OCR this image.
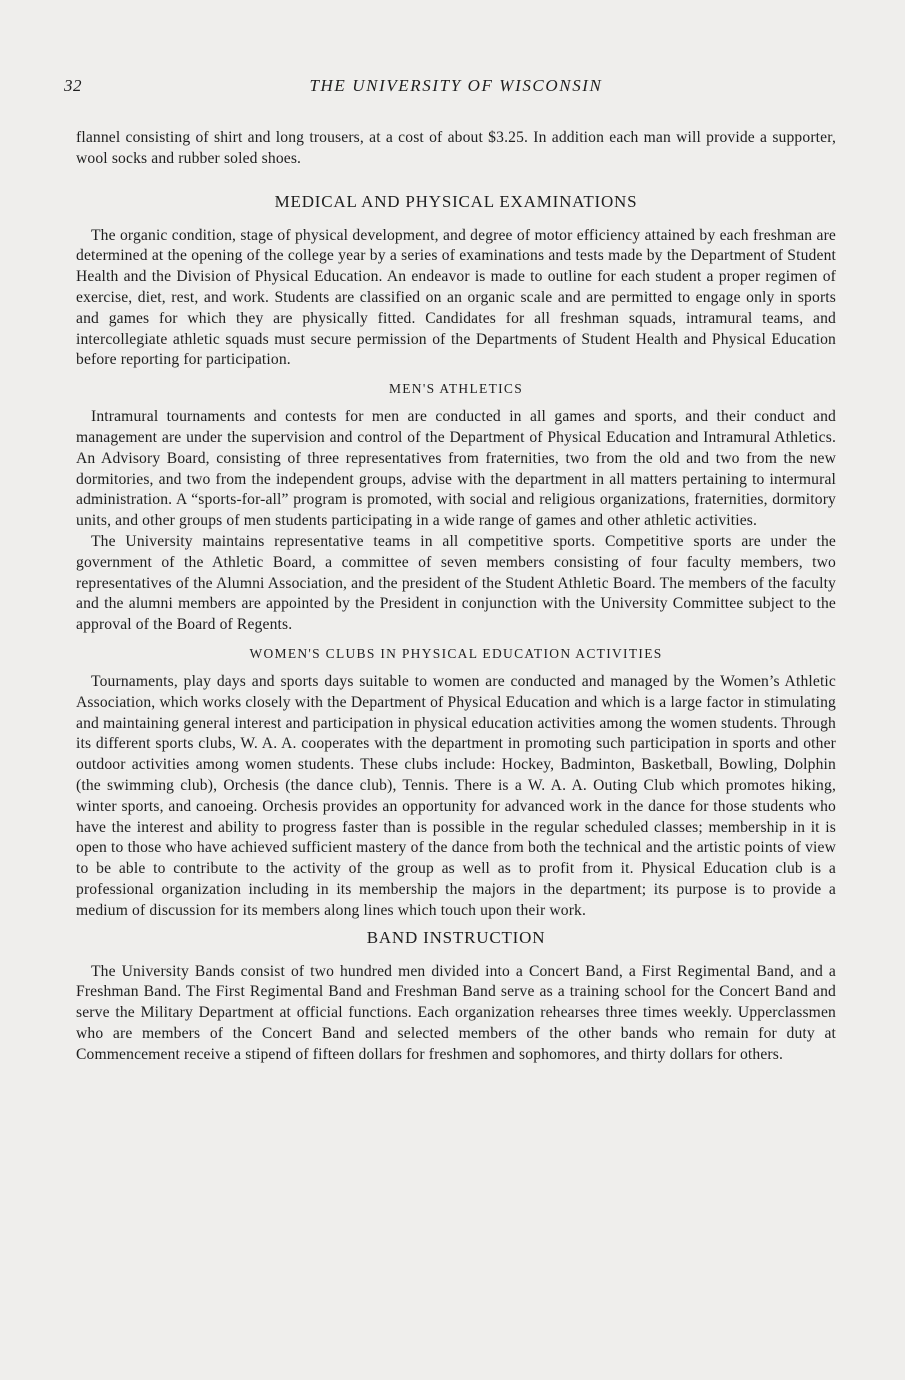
32	THE UNIVERSITY OF WISCONSIN

flannel consisting of shirt and long trousers, at a cost of about $3.25. In addition each man will provide a supporter, wool socks and rubber soled shoes.

MEDICAL AND PHYSICAL EXAMINATIONS

The organic condition, stage of physical development, and degree of motor efficiency attained by each freshman are determined at the opening of the college year by a series of examinations and tests made by the Department of Student Health and the Division of Physical Education. An endeavor is made to outline for each student a proper regimen of exercise, diet, rest, and work. Students are classified on an organic scale and are permitted to engage only in sports and games for which they are physically fitted. Candidates for all freshman squads, intramural teams, and intercollegiate athletic squads must secure permission of the Departments of Student Health and Physical Education before reporting for participation.

MEN'S ATHLETICS

Intramural tournaments and contests for men are conducted in all games and sports, and their conduct and management are under the supervision and control of the Department of Physical Education and Intramural Athletics. An Advisory Board, consisting of three representatives from fraternities, two from the old and two from the new dormitories, and two from the independent groups, advise with the department in all matters pertaining to intermural administration. A “sports-for-all” program is promoted, with social and religious organizations, fraternities, dormitory units, and other groups of men students participating in a wide range of games and other athletic activities.

The University maintains representative teams in all competitive sports. Competitive sports are under the government of the Athletic Board, a committee of seven members consisting of four faculty members, two representatives of the Alumni Association, and the president of the Student Athletic Board. The members of the faculty and the alumni members are appointed by the President in conjunction with the University Committee subject to the approval of the Board of Regents.

WOMEN'S CLUBS IN PHYSICAL EDUCATION ACTIVITIES

Tournaments, play days and sports days suitable to women are conducted and managed by the Women’s Athletic Association, which works closely with the Department of Physical Education and which is a large factor in stimulating and maintaining general interest and participation in physical education activities among the women students. Through its different sports clubs, W. A. A. cooperates with the department in promoting such participation in sports and other outdoor activities among women students. These clubs include: Hockey, Badminton, Basketball, Bowling, Dolphin (the swimming club), Orchesis (the dance club), Tennis. There is a W. A. A. Outing Club which promotes hiking, winter sports, and canoeing. Orchesis provides an opportunity for advanced work in the dance for those students who have the interest and ability to progress faster than is possible in the regular scheduled classes; membership in it is open to those who have achieved sufficient mastery of the dance from both the technical and the artistic points of view to be able to contribute to the activity of the group as well as to profit from it. Physical Education club is a professional organization including in its membership the majors in the department; its purpose is to provide a medium of discussion for its members along lines which touch upon their work.

BAND INSTRUCTION

The University Bands consist of two hundred men divided into a Concert Band, a First Regimental Band, and a Freshman Band. The First Regimental Band and Freshman Band serve as a training school for the Concert Band and serve the Military Department at official functions. Each organization rehearses three times weekly. Upperclassmen who are members of the Concert Band and selected members of the other bands who remain for duty at Commencement receive a stipend of fifteen dollars for freshmen and sophomores, and thirty dollars for others.
